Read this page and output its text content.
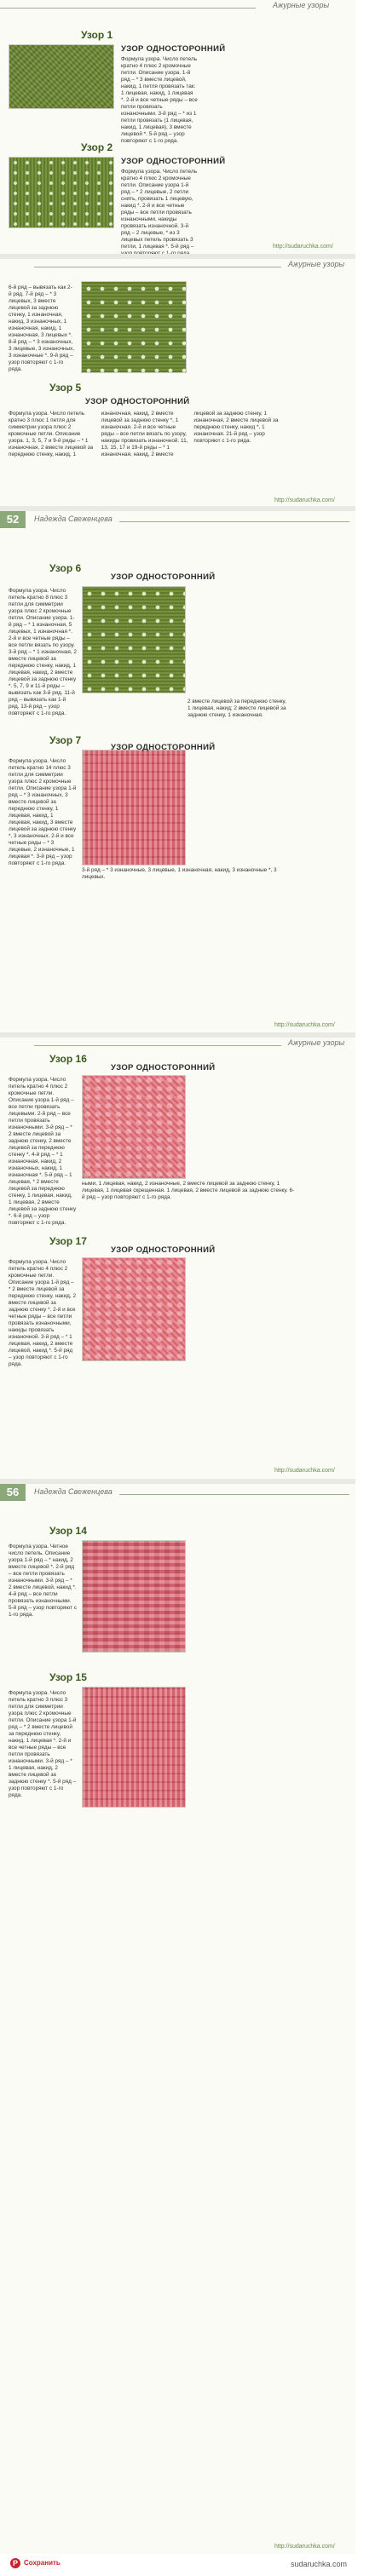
Ажурные узоры
Узор 1
УЗОР ОДНОСТОРОННИЙ
Формула узора. Число петель кратно 4 плюс 2 кромочные петли. Описание узора. 1-й ряд – * 3 вместе лицевой, накид, 1 петля провязать так: 1 лицевая, накид, 1 лицевая *. 2-й и все четные ряды – все петли провязать изнаночными. 3-й ряд – * из 1 петли провязать (1 лицевая, накид, 1 лицевая), 3 вместе лицевой *. 5-й ряд – узор повторяют с 1-го ряда.
Узор 2
УЗОР ОДНОСТОРОННИЙ
Формула узора. Число петель кратно 4 плюс 2 кромочные петли. Описание узора 1-й ряд – * 2 лицевые, 2 петли снять, провязать 1 лицевую, накид *. 2-й и все четные ряды – все петли провязать изнаночными, накиды провязать изнаночной. 3-й ряд – 2 лицевые, * из 3 лицевых петель провязать 3 петли, 1 лицевая *. 5-й ряд –	http://sudaruchka.com/
Ажурные узоры
6-й ряд – вывязать как 2-й ряд. 7-й ряд – * 3 лицевых, 3 вместе лицевой за заднюю стенку, 1 изнаночная, накид, 3 изнаночных, 1 изнаночная, накид, 1 изнаночная, 3 лицевых *. 8-й ряд – * 3 изнаночных, 3 лицевые, 3 изнаночных, 3 изнаночные *. 9-й ряд – узор повторяют с 1-го ряда.
Узор 5
УЗОР ОДНОСТОРОННИЙ
Формула узора. Число петель кратно 3 плюс 1 петля для симметрии узора плюс 2 кромочные петли. Описание узора. 1, 3, 5, 7 и 9-й ряды – * 1 изнаночная, 2 вместе лицевой за переднюю стенку, накид, 1 изнаночная, накид, 2 вместе лицевой за заднюю стенку *, 1 изнаночная. 2-й и все четные ряды – все петли вязать по узору, накиды провязать изнаночной. 11, 13, 15, 17 и 19-й ряды – * 1 изнаночная, накид, 2 вместе лицевой за заднюю стенку, 1 изнаночная, 2 вместе лицевой за переднюю стенку, накид *, 1 изнаночная. 21-й ряд – узор повторяют с 1-го ряда.
http://sudaruchka.com/
52	Надежда Свеженцева
Узор 6
УЗОР ОДНОСТОРОННИЙ
Формула узора. Число петель кратно 8 плюс 3 петли для симметрии узора плюс 2 кромочные петли. Описание узора. 1-й ряд – * 1 изнаночная, 5 лицевых, 1 изнаночная *. 2-й и все четные ряды – все петли вязать по узору. 3-й ряд – * 1 изнаночная, 2 вместе лицевой за переднюю стенку, накид, 1 лицевая, накид, 2 вместе лицевой за заднюю стенку *. 5, 7, 9 и 11-й ряды – вывязать как 3-й ряд. 11-й ряд – вывязать как 1-й ряд. 13-й ряд – узор повторяют с 1-го ряда.
2 вместе лицевой за переднюю стенку, 1 лицевая, накид; 2 вместе лицевой за заднюю стенку, 1 изнаночная.
Узор 7
УЗОР ОДНОСТОРОННИЙ
Формула узора. Число петель кратно 14 плюс 3 петли для симметрии узора плюс 2 кромочные петли. Описание узора 1-й ряд – * 3 изнаночных, 3 вместе лицевой за переднюю стенку, 1 лицевая, накид, 1 лицевая, накид, 3 вместе лицевой за заднюю стенку *, 3 изнаночных. 2-й и все четные ряды – * 3 лицевые, 2 изнаночные, 1 лицевая *. 3-й ряд – узор повторяют с 1-го ряда.
3-й ряд – * 3 изнаночные, 3 лицевые, 1 изнаночная, накид, 3 изнаночные *, 3 лицевых.
http://sudaruchka.com/
Ажурные узоры
Узор 16
УЗОР ОДНОСТОРОННИЙ
Формула узора. Число петель кратно 4 плюс 2 кромочные петли. Описание узора 1-й ряд – все петли провязать лицевыми. 2-й ряд – все петли провязать изнаночными. 3-й ряд – * 2 вместе лицевой за заднюю стенку, 2 вместе лицевой за переднюю стенку *. 4-й ряд – * 1 изнаночная, накид, 2 изнаночных, накид, 1 изнаночная *. 5-й ряд – 1 лицевая, * 2 вместе лицевой за переднюю стенку, 1 лицевая, накид, 1 лицевая, 2 вместе лицевой за заднюю стенку *. 6-й ряд – узор повторяют с 1-го ряда.
ными, 1 лицевая, накид, 2 изнаночные, 2 вместе лицевой за заднюю стенку, 1 лицевая, 1 лицевая скрещенная. 1 лицевая, 2 вместе лицевой за заднюю стенку. 6-й ряд – узор повторяют с 1-го ряда.
Узор 17
УЗОР ОДНОСТОРОННИЙ
Формула узора. Число петель кратно 4 плюс 2 кромочные петли. Описание узора 1-й ряд – * 2 вместе лицевой за переднюю стенку, накид, 2 вместе лицевой за заднюю стенку *. 2-й и все четные ряды – все петли провязать изнаночными, накиды провязать изнаночной. 3-й ряд – * 1 лицевая, накид, 2 вместе лицевой, накид *. 5-й ряд – узор повторяют с 1-го ряда.
http://sudaruchka.com/
56	Надежда Свеженцева
Узор 14
Формула узора. Четное число петель. Описание узора 1-й ряд – * накид, 2 вместе лицевой *. 2-й ряд – все петли провязать изнаночными. 3-й ряд – * 2 вместе лицевой, накид *. 4-й ряд – все петли провязать изнаночными. 5-й ряд – узор повторяют с 1-го ряда.
Узор 15
Формула узора. Число петель кратно 3 плюс 3 петли для симметрии узора плюс 2 кромочные петли. Описание узора 1-й ряд – * 2 вместе лицевой за переднюю стенку, накид, 1 лицевая *. 2-й и все четные ряды – все петли провязать изнаночными. 3-й ряд – * 1 лицевая, накид, 2 вместе лицевой за заднюю стенку *. 5-й ряд – узор повторяют с 1-го ряда.
http://sudaruchka.com/
P Сохранить	sudaruchka.com
